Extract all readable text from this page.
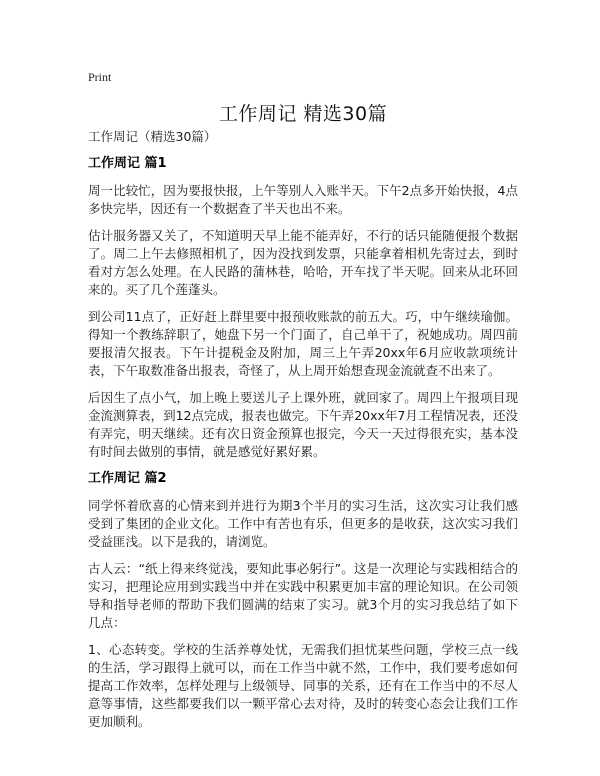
Print
工作周记 精选30篇

工作周记（精选30篇）

工作周记 篇1

周一比较忙，因为要报快报，上午等别人入账半天。下午2点多开始快报，4点多快完毕，因还有一个数据查了半天也出不来。

估计服务器又关了，不知道明天早上能不能弄好，不行的话只能随便报个数据了。周二上午去修照相机了，因为没找到发票，只能拿着相机先寄过去，到时看对方怎么处理。在人民路的蒲林巷，哈哈，开车找了半天呢。回来从北环回来的。买了几个莲蓬头。

到公司11点了，正好赶上群里要中报预收账款的前五大。巧，中午继续瑜伽。得知一个教练辞职了，她盘下另一个门面了，自己单干了，祝她成功。周四前要报清欠报表。下午计提税金及附加，周三上午弄20xx年6月应收款项统计表，下午取数准备出报表，奇怪了，从上周开始想查现金流就查不出来了。

后因生了点小气，加上晚上要送儿子上课外班，就回家了。周四上午报项目现金流测算表，到12点完成，报表也做完。下午弄20xx年7月工程情况表，还没有弄完，明天继续。还有次日资金预算也报完，今天一天过得很充实，基本没有时间去做别的事情，就是感觉好累好累。

工作周记 篇2

同学怀着欣喜的心情来到并进行为期3个半月的实习生活，这次实习让我们感受到了集团的企业文化。工作中有苦也有乐，但更多的是收获，这次实习我们受益匪浅。以下是我的，请浏览。

古人云：“纸上得来终觉浅，要知此事必躬行”。这是一次理论与实践相结合的实习，把理论应用到实践当中并在实践中积累更加丰富的理论知识。在公司领导和指导老师的帮助下我们圆满的结束了实习。就3个月的实习我总结了如下几点：

1、心态转变。学校的生活养尊处忧，无需我们担忧某些问题，学校三点一线的生活，学习跟得上就可以，而在工作当中就不然，工作中，我们要考虑如何提高工作效率，怎样处理与上级领导、同事的关系，还有在工作当中的不尽人意等事情，这些都要我们以一颗平常心去对待，及时的转变心态会让我们工作更加顺利。
